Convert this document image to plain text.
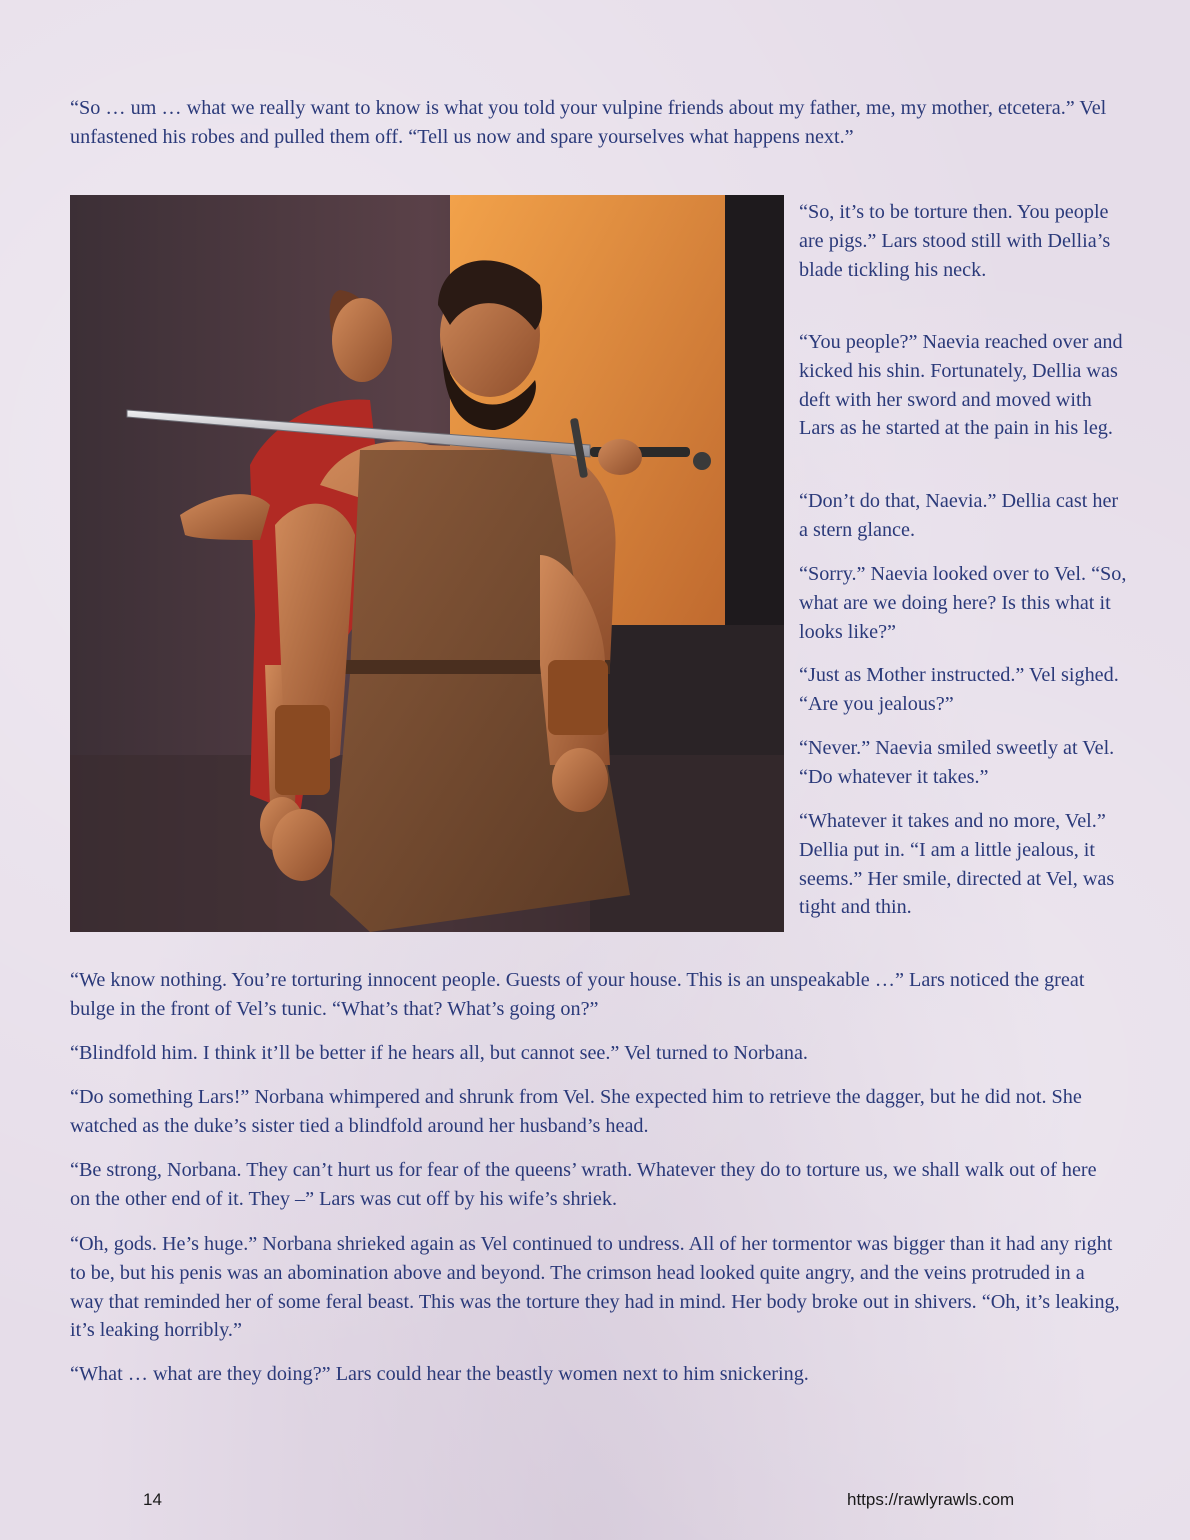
“So … um … what we really want to know is what you told your vulpine friends about my father, me, my mother, etcetera.” Vel unfastened his robes and pulled them off. “Tell us now and spare yourselves what happens next.”

“So, it’s to be torture then. You people are pigs.” Lars stood still with Dellia’s blade tickling his neck.

“You people?” Naevia reached over and kicked his shin. Fortunately, Dellia was deft with her sword and moved with Lars as he started at the pain in his leg.

“Don’t do that, Naevia.” Dellia cast her a stern glance.

“Sorry.” Naevia looked over to Vel. “So, what are we doing here? Is this what it looks like?”

“Just as Mother instructed.” Vel sighed. “Are you jealous?”

“Never.” Naevia smiled sweetly at Vel. “Do whatever it takes.”

“Whatever it takes and no more, Vel.” Dellia put in. “I am a little jealous, it seems.” Her smile, directed at Vel, was tight and thin.

“We know nothing. You’re torturing innocent people. Guests of your house. This is an unspeakable …” Lars noticed the great bulge in the front of Vel’s tunic. “What’s that? What’s going on?”

“Blindfold him. I think it’ll be better if he hears all, but cannot see.” Vel turned to Norbana.

“Do something Lars!” Norbana whimpered and shrunk from Vel. She expected him to retrieve the dagger, but he did not. She watched as the duke’s sister tied a blindfold around her husband’s head.

“Be strong, Norbana. They can’t hurt us for fear of the queens’ wrath. Whatever they do to torture us, we shall walk out of here on the other end of it. They –” Lars was cut off by his wife’s shriek.

“Oh, gods. He’s huge.” Norbana shrieked again as Vel continued to undress. All of her tormentor was bigger than it had any right to be, but his penis was an abomination above and beyond. The crimson head looked quite angry, and the veins protruded in a way that reminded her of some feral beast. This was the torture they had in mind. Her body broke out in shivers. “Oh, it’s leaking, it’s leaking horribly.”

“What … what are they doing?” Lars could hear the beastly women next to him snickering.

14	https://rawlyrawls.com
